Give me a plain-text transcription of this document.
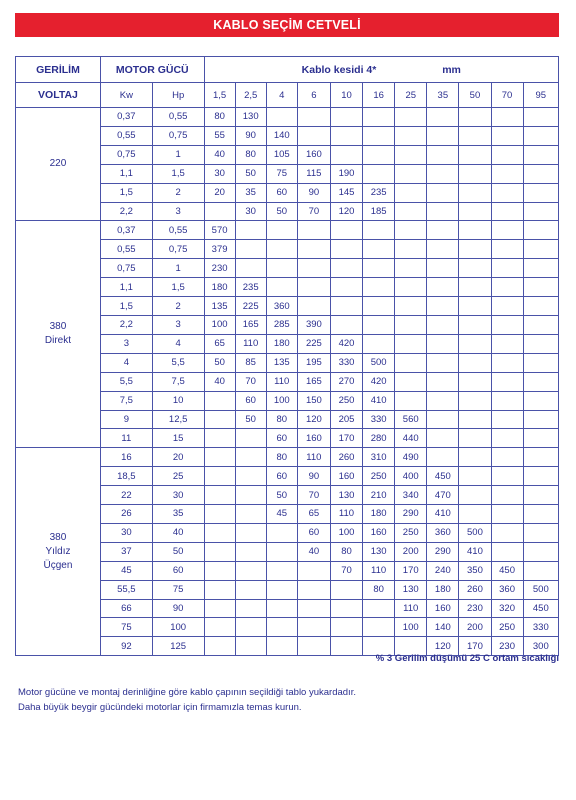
KABLO SEÇİM CETVELİ
GERİLİM	MOTOR GÜCÜ		Kablo kesidi 4* mm										
VOLTAJ	Kw	Hp	1,5	2,5	4	6	10	16	25	35	50	70	95

220	0,37	0,55	80	130									
	0,55	0,75	55	90	140								
	0,75	1	40	80	105	160							
	1,1	1,5	30	50	75	115	190						
	1,5	2	20	35	60	90	145	235					
	2,2	3		30	50	70	120	185					

380
Direkt	0,37	0,55	570										
	0,55	0,75	379										
	0,75	1	230										
	1,1	1,5	180	235									
	1,5	2	135	225	360								
	2,2	3	100	165	285	390							
	3	4	65	110	180	225	420						
	4	5,5	50	85	135	195	330	500					
	5,5	7,5	40	70	110	165	270	420					
	7,5	10		60	100	150	250	410					
	9	12,5		50	80	120	205	330	560				
	11	15			60	160	170	280	440				

380
Yıldız
Üçgen	16	20			80	110	260	310	490				
	18,5	25			60	90	160	250	400	450			
	22	30			50	70	130	210	340	470			
	26	35			45	65	110	180	290	410			
	30	40				60	100	160	250	360	500		
	37	50				40	80	130	200	290	410		
	45	60					70	110	170	240	350	450	
	55,5	75						80	130	180	260	360	500
	66	90							110	160	230	320	450
	75	100							100	140	200	250	330
	92	125								120	170	230	300
% 3 Gerilim düşümü 25 C ortam sıcaklığı
Motor gücüne ve montaj derinliğine göre kablo çapının seçildiği tablo yukardadır.
Daha büyük beygir gücündeki motorlar için firmamızla temas kurun.
